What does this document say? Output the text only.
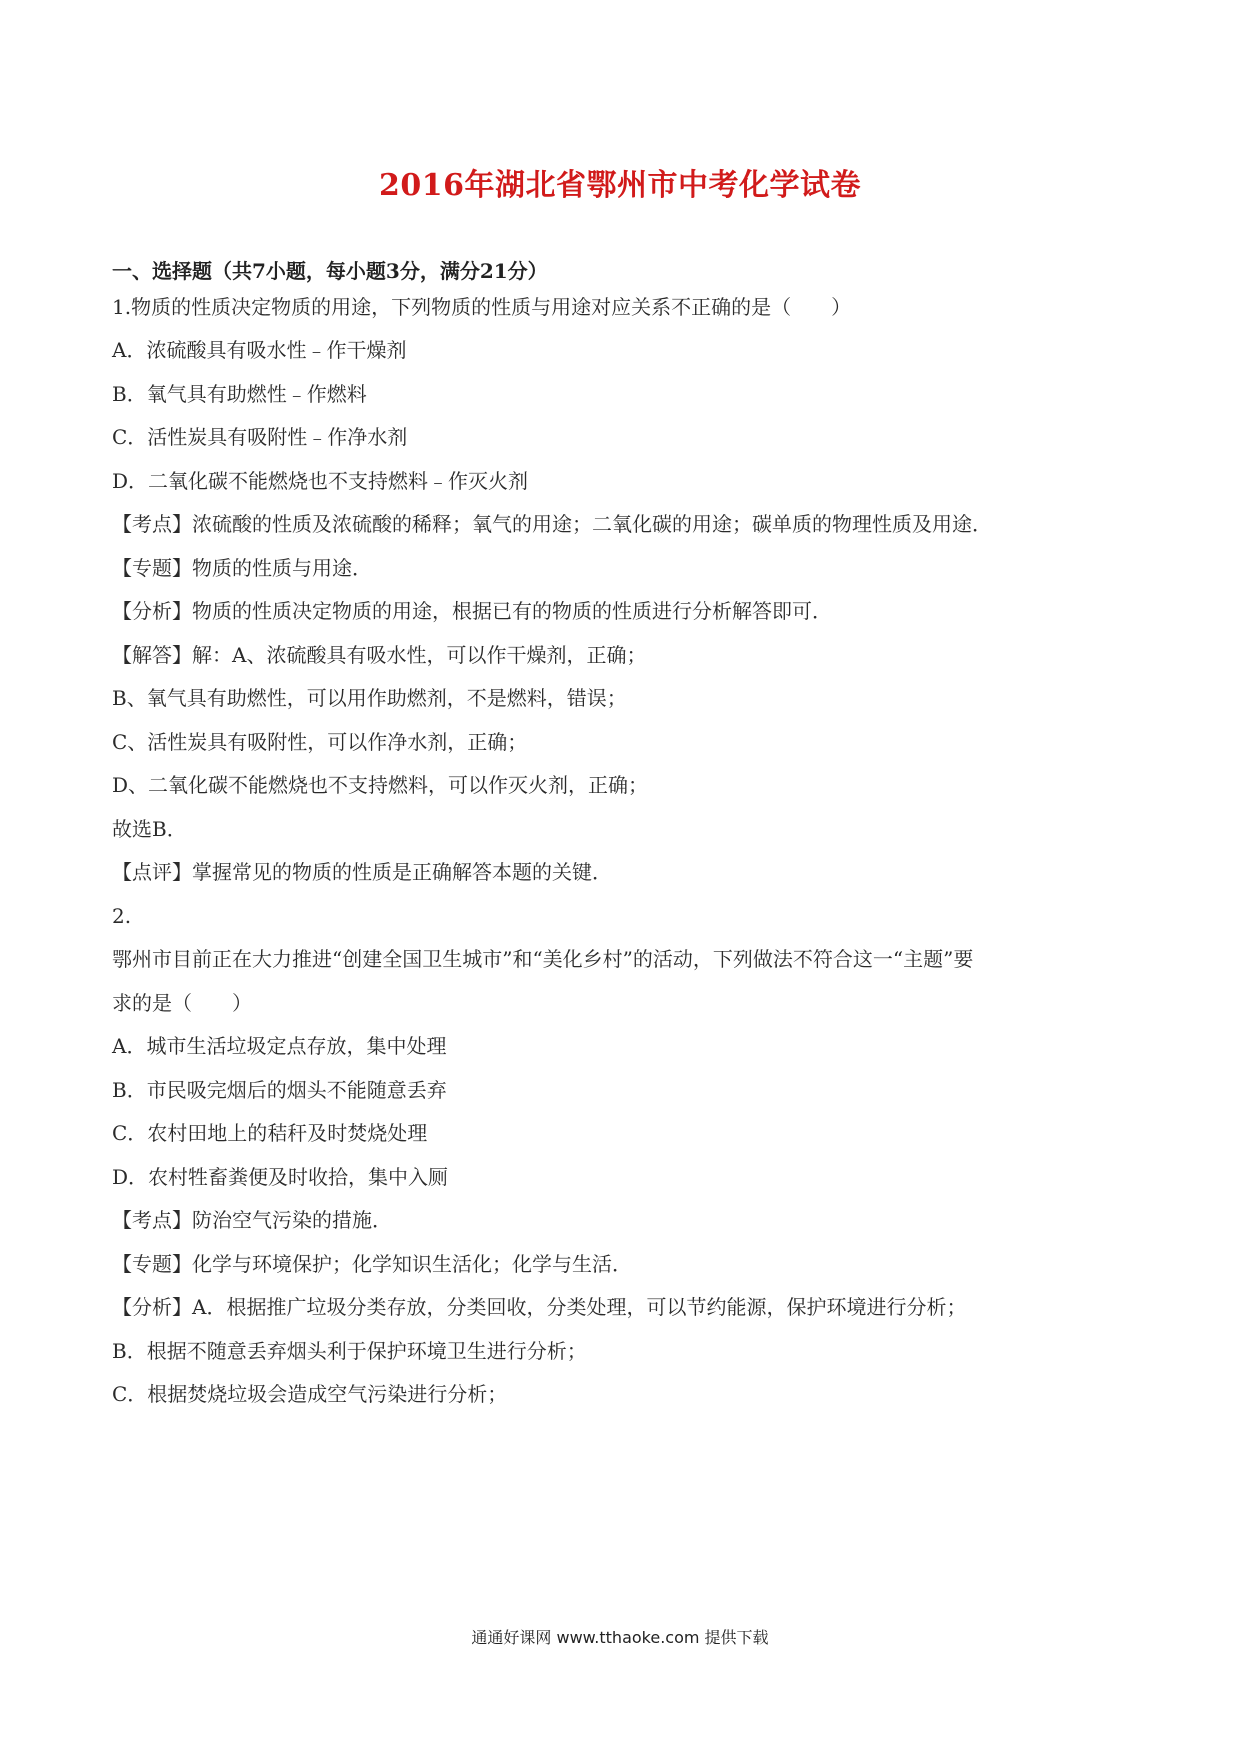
2016年湖北省鄂州市中考化学试卷
一、选择题（共7小题，每小题3分，满分21分）
1.物质的性质决定物质的用途，下列物质的性质与用途对应关系不正确的是（　　）
A．浓硫酸具有吸水性﹣作干燥剂
B．氧气具有助燃性﹣作燃料
C．活性炭具有吸附性﹣作净水剂
D．二氧化碳不能燃烧也不支持燃料﹣作灭火剂
【考点】浓硫酸的性质及浓硫酸的稀释；氧气的用途；二氧化碳的用途；碳单质的物理性质及用途．
【专题】物质的性质与用途．
【分析】物质的性质决定物质的用途，根据已有的物质的性质进行分析解答即可．
【解答】解：A、浓硫酸具有吸水性，可以作干燥剂，正确；
B、氧气具有助燃性，可以用作助燃剂，不是燃料，错误；
C、活性炭具有吸附性，可以作净水剂，正确；
D、二氧化碳不能燃烧也不支持燃料，可以作灭火剂，正确；
故选B．
【点评】掌握常见的物质的性质是正确解答本题的关键．
2.
鄂州市目前正在大力推进“创建全国卫生城市”和“美化乡村”的活动，下列做法不符合这一“主题”要
求的是（　　）
A．城市生活垃圾定点存放，集中处理
B．市民吸完烟后的烟头不能随意丢弃
C．农村田地上的秸秆及时焚烧处理
D．农村牲畜粪便及时收拾，集中入厕
【考点】防治空气污染的措施．
【专题】化学与环境保护；化学知识生活化；化学与生活．
【分析】A．根据推广垃圾分类存放，分类回收，分类处理，可以节约能源，保护环境进行分析；
B．根据不随意丢弃烟头利于保护环境卫生进行分析；
C．根据焚烧垃圾会造成空气污染进行分析；
通通好课网 www.tthaoke.com 提供下载
